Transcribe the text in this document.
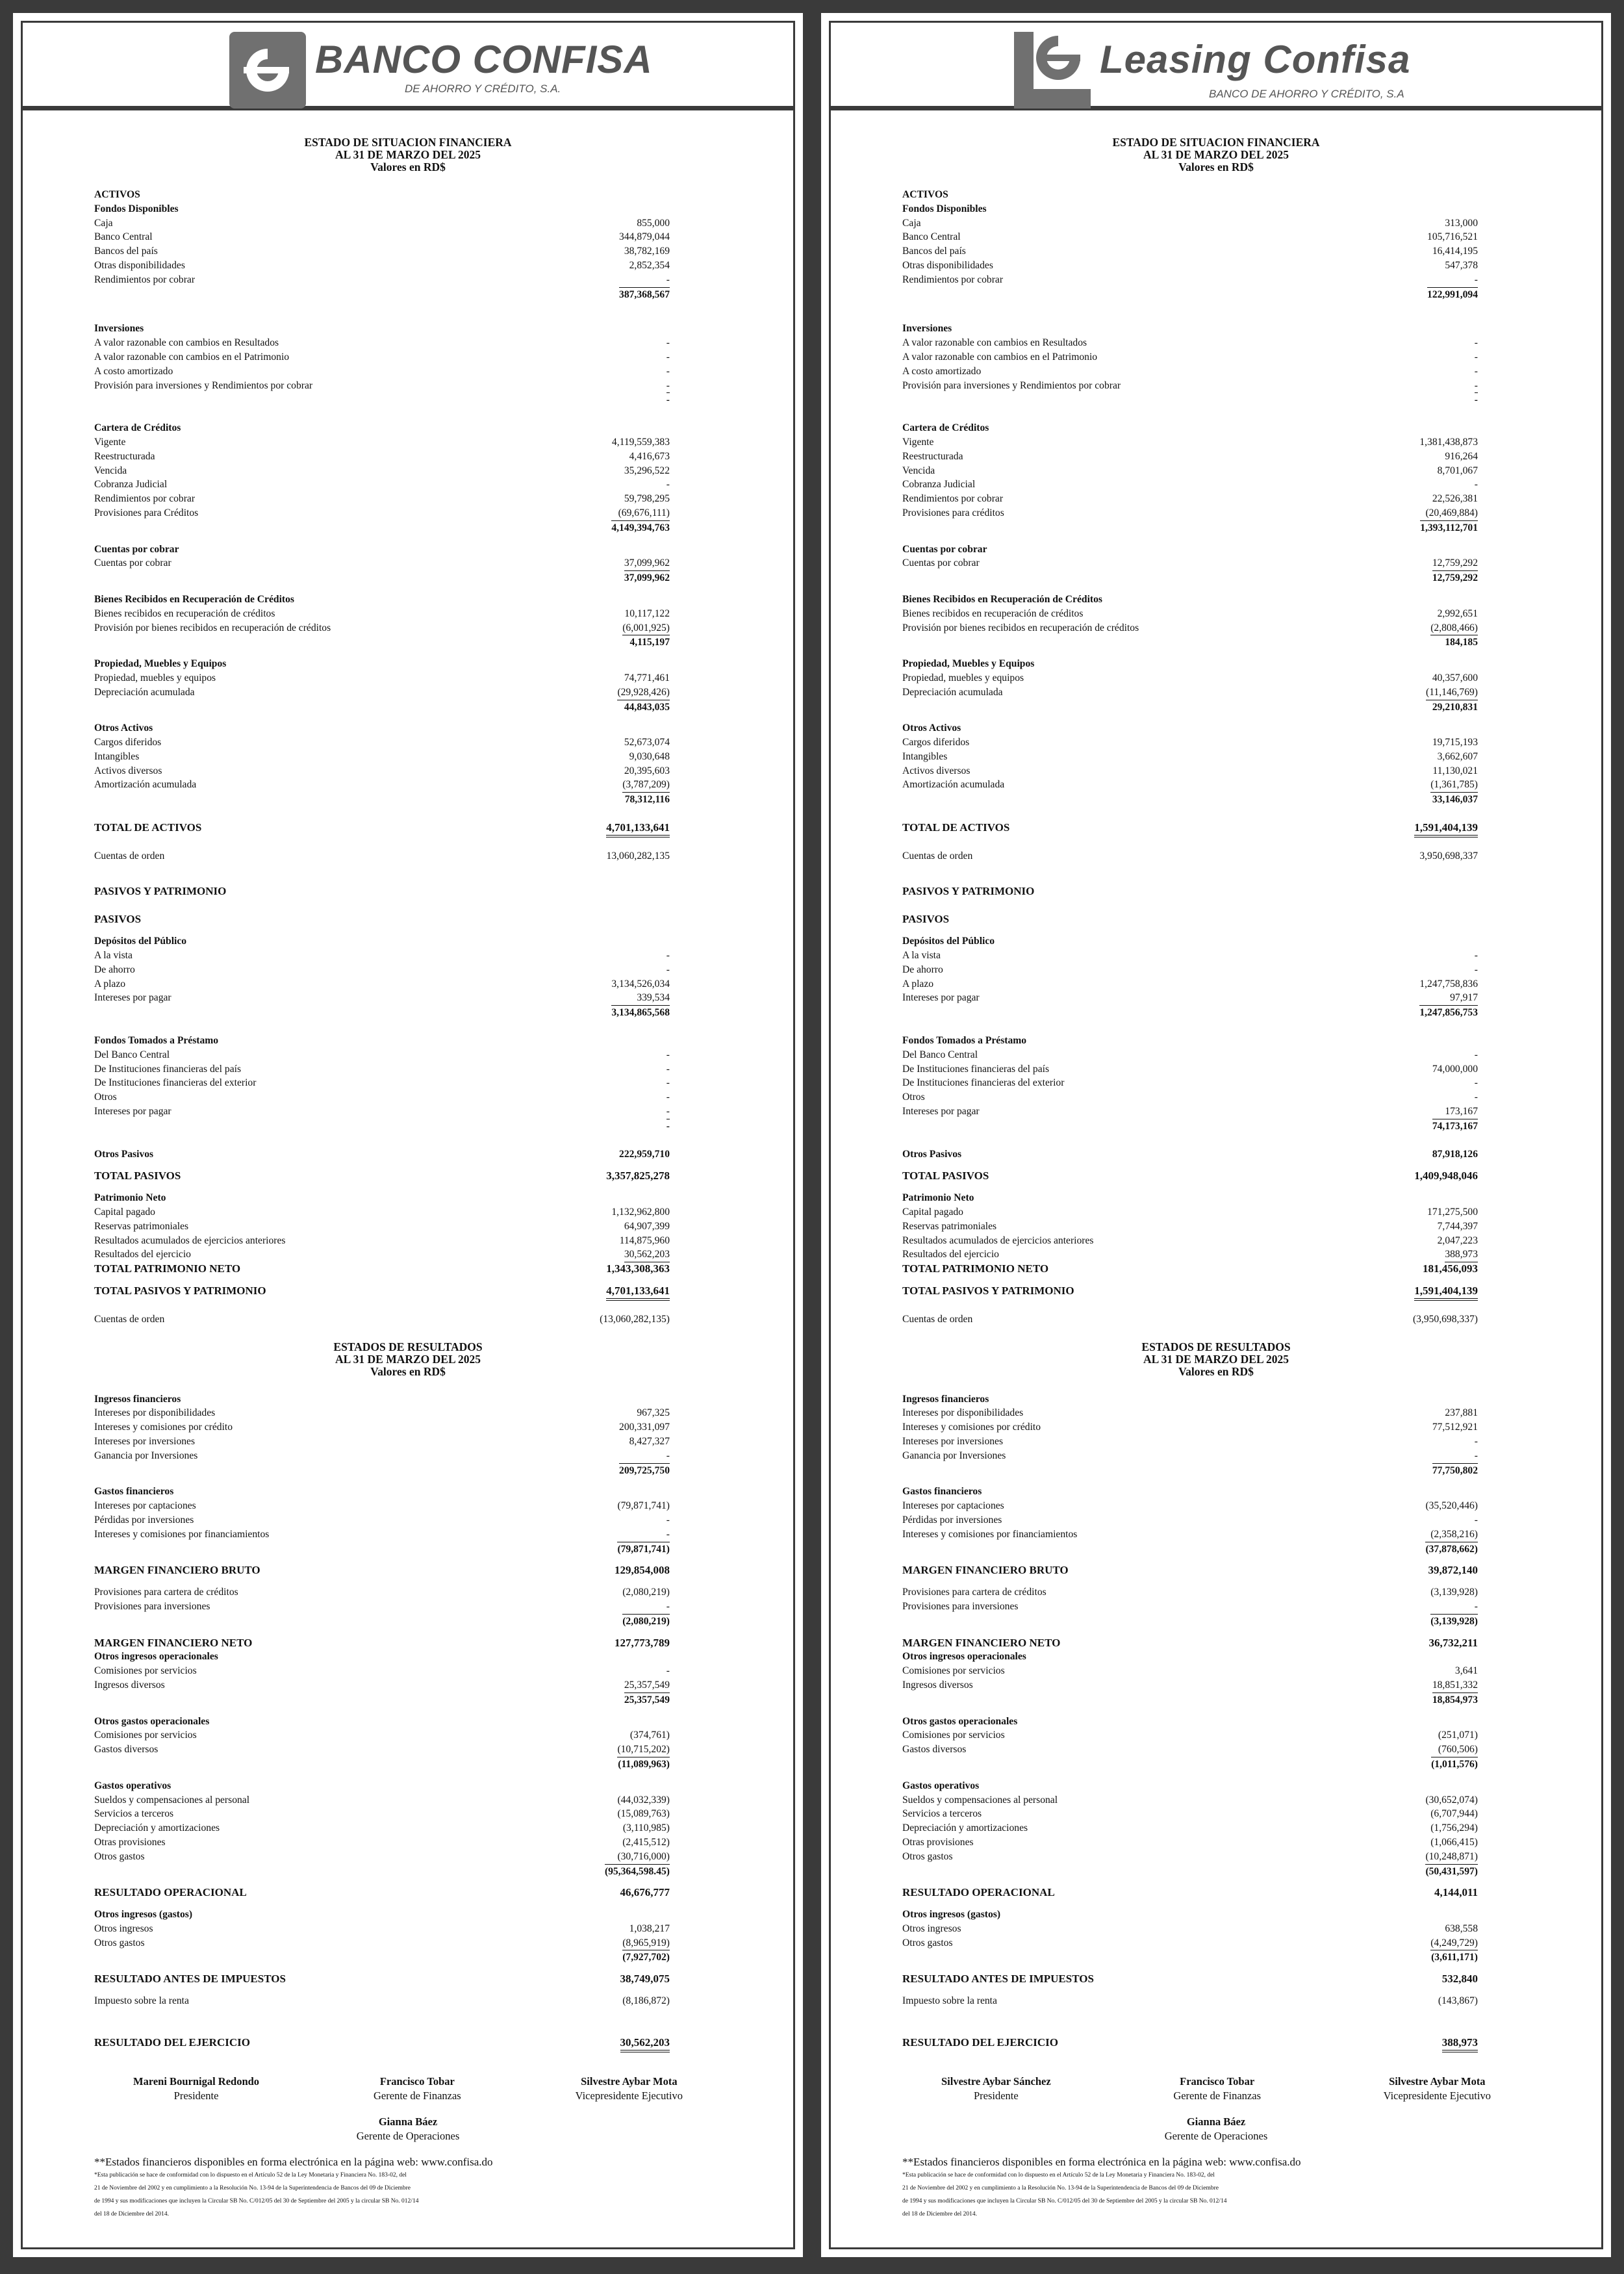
BANCO CONFISA
DE AHORRO Y CRÉDITO, S.A.
ESTADO DE SITUACION FINANCIERA
AL 31 DE MARZO DEL 2025
Valores en RD$
ACTIVOS
Fondos Disponibles
Caja	855,000
Banco Central	344,879,044
Bancos del país	38,782,169
Otras disponibilidades	2,852,354
Rendimientos por cobrar	-
387,368,567
Inversiones
A valor razonable con cambios en Resultados	-
A valor razonable con cambios en el Patrimonio	-
A costo amortizado	-
Provisión para inversiones y Rendimientos por cobrar	-
-
Cartera de Créditos
Vigente	4,119,559,383
Reestructurada	4,416,673
Vencida	35,296,522
Cobranza Judicial	-
Rendimientos por cobrar	59,798,295
Provisiones para Créditos	(69,676,111)
4,149,394,763
Cuentas por cobrar
Cuentas por cobrar	37,099,962
37,099,962
Bienes Recibidos en Recuperación de Créditos
Bienes recibidos en recuperación de créditos	10,117,122
Provisión por bienes recibidos en recuperación de créditos	(6,001,925)
4,115,197
Propiedad, Muebles y Equipos
Propiedad, muebles y equipos	74,771,461
Depreciación acumulada	(29,928,426)
44,843,035
Otros Activos
Cargos diferidos	52,673,074
Intangibles	9,030,648
Activos diversos	20,395,603
Amortización acumulada	(3,787,209)
78,312,116
TOTAL DE ACTIVOS	4,701,133,641
Cuentas de orden	13,060,282,135
PASIVOS Y PATRIMONIO
PASIVOS
Depósitos del Público
A la vista	-
De ahorro	-
A plazo	3,134,526,034
Intereses por pagar	339,534
3,134,865,568
Fondos Tomados a Préstamo
Del Banco Central	-
De Instituciones financieras del país	-
De Instituciones financieras del exterior	-
Otros	-
Intereses por pagar	-
-
Otros Pasivos	222,959,710
TOTAL PASIVOS	3,357,825,278
Patrimonio Neto
Capital pagado	1,132,962,800
Reservas patrimoniales	64,907,399
Resultados acumulados de ejercicios anteriores	114,875,960
Resultados del ejercicio	30,562,203
TOTAL PATRIMONIO NETO	1,343,308,363
TOTAL PASIVOS Y PATRIMONIO	4,701,133,641
Cuentas de orden	(13,060,282,135)
ESTADOS DE RESULTADOS
AL 31 DE MARZO DEL 2025
Valores en RD$
Ingresos financieros
Intereses por disponibilidades	967,325
Intereses y comisiones por crédito	200,331,097
Intereses por inversiones	8,427,327
Ganancia por Inversiones	-
209,725,750
Gastos financieros
Intereses por captaciones	(79,871,741)
Pérdidas por inversiones	-
Intereses y comisiones por financiamientos	-
(79,871,741)
MARGEN FINANCIERO BRUTO	129,854,008
Provisiones para cartera de créditos	(2,080,219)
Provisiones para inversiones	-
(2,080,219)
MARGEN FINANCIERO NETO	127,773,789
Otros ingresos operacionales
Comisiones por servicios	-
Ingresos diversos	25,357,549
25,357,549
Otros gastos operacionales
Comisiones por servicios	(374,761)
Gastos diversos	(10,715,202)
(11,089,963)
Gastos operativos
Sueldos y compensaciones al personal	(44,032,339)
Servicios a terceros	(15,089,763)
Depreciación y amortizaciones	(3,110,985)
Otras provisiones	(2,415,512)
Otros gastos	(30,716,000)
(95,364,598.45)
RESULTADO OPERACIONAL	46,676,777
Otros ingresos (gastos)
Otros ingresos	1,038,217
Otros gastos	(8,965,919)
(7,927,702)
RESULTADO ANTES DE IMPUESTOS	38,749,075
Impuesto sobre la renta	(8,186,872)
RESULTADO DEL EJERCICIO	30,562,203
Mareni Bournigal Redondo
Presidente
Francisco Tobar
Gerente de Finanzas
Silvestre Aybar Mota
Vicepresidente Ejecutivo
Gianna Báez
Gerente de Operaciones
**Estados financieros disponibles en forma electrónica en la página web: www.confisa.do
*Esta publicación se hace de conformidad con lo dispuesto en el Artículo 52 de la Ley Monetaria y Financiera No. 183-02, del
21 de Noviembre del 2002 y en cumplimiento a la Resolución No. 13-94 de la Superintendencia de Bancos del 09 de Diciembre
de 1994 y sus modificaciones que incluyen la Circular SB No. C/012/05 del 30 de Septiembre del 2005 y la circular SB No. 012/14
del 18 de Diciembre del 2014.
Leasing Confisa
BANCO DE AHORRO Y CRÉDITO, S.A
ESTADO DE SITUACION FINANCIERA
AL 31 DE MARZO DEL 2025
Valores en RD$
ACTIVOS
Fondos Disponibles
Caja	313,000
Banco Central	105,716,521
Bancos del país	16,414,195
Otras disponibilidades	547,378
Rendimientos por cobrar	-
122,991,094
Inversiones
A valor razonable con cambios en Resultados	-
A valor razonable con cambios en el Patrimonio	-
A costo amortizado	-
Provisión para inversiones y Rendimientos por cobrar	-
-
Cartera de Créditos
Vigente	1,381,438,873
Reestructurada	916,264
Vencida	8,701,067
Cobranza Judicial	-
Rendimientos por cobrar	22,526,381
Provisiones para créditos	(20,469,884)
1,393,112,701
Cuentas por cobrar
Cuentas por cobrar	12,759,292
12,759,292
Bienes Recibidos en Recuperación de Créditos
Bienes recibidos en recuperación de créditos	2,992,651
Provisión por bienes recibidos en recuperación de créditos	(2,808,466)
184,185
Propiedad, Muebles y Equipos
Propiedad, muebles y equipos	40,357,600
Depreciación acumulada	(11,146,769)
29,210,831
Otros Activos
Cargos diferidos	19,715,193
Intangibles	3,662,607
Activos diversos	11,130,021
Amortización acumulada	(1,361,785)
33,146,037
TOTAL DE ACTIVOS	1,591,404,139
Cuentas de orden	3,950,698,337
PASIVOS Y PATRIMONIO
PASIVOS
Depósitos del Público
A la vista	-
De ahorro	-
A plazo	1,247,758,836
Intereses por pagar	97,917
1,247,856,753
Fondos Tomados a Préstamo
Del Banco Central	-
De Instituciones financieras del país	74,000,000
De Instituciones financieras del exterior	-
Otros	-
Intereses por pagar	173,167
74,173,167
Otros Pasivos	87,918,126
TOTAL PASIVOS	1,409,948,046
Patrimonio Neto
Capital pagado	171,275,500
Reservas patrimoniales	7,744,397
Resultados acumulados de ejercicios anteriores	2,047,223
Resultados del ejercicio	388,973
TOTAL PATRIMONIO NETO	181,456,093
TOTAL PASIVOS Y PATRIMONIO	1,591,404,139
Cuentas de orden	(3,950,698,337)
ESTADOS DE RESULTADOS
AL 31 DE MARZO DEL 2025
Valores en RD$
Ingresos financieros
Intereses por disponibilidades	237,881
Intereses y comisiones por crédito	77,512,921
Intereses por inversiones	-
Ganancia por Inversiones	-
77,750,802
Gastos financieros
Intereses por captaciones	(35,520,446)
Pérdidas por inversiones	-
Intereses y comisiones por financiamientos	(2,358,216)
(37,878,662)
MARGEN FINANCIERO BRUTO	39,872,140
Provisiones para cartera de créditos	(3,139,928)
Provisiones para inversiones	-
(3,139,928)
MARGEN FINANCIERO NETO	36,732,211
Otros ingresos operacionales
Comisiones por servicios	3,641
Ingresos diversos	18,851,332
18,854,973
Otros gastos operacionales
Comisiones por servicios	(251,071)
Gastos diversos	(760,506)
(1,011,576)
Gastos operativos
Sueldos y compensaciones al personal	(30,652,074)
Servicios a terceros	(6,707,944)
Depreciación y amortizaciones	(1,756,294)
Otras provisiones	(1,066,415)
Otros gastos	(10,248,871)
(50,431,597)
RESULTADO OPERACIONAL	4,144,011
Otros ingresos (gastos)
Otros ingresos	638,558
Otros gastos	(4,249,729)
(3,611,171)
RESULTADO ANTES DE IMPUESTOS	532,840
Impuesto sobre la renta	(143,867)
RESULTADO DEL EJERCICIO	388,973
Silvestre Aybar Sánchez
Presidente
Francisco Tobar
Gerente de Finanzas
Silvestre Aybar Mota
Vicepresidente Ejecutivo
Gianna Báez
Gerente de Operaciones
**Estados financieros disponibles en forma electrónica en la página web: www.confisa.do
*Esta publicación se hace de conformidad con lo dispuesto en el Artículo 52 de la Ley Monetaria y Financiera No. 183-02, del
21 de Noviembre del 2002 y en cumplimiento a la Resolución No. 13-94 de la Superintendencia de Bancos del 09 de Diciembre
de 1994 y sus modificaciones que incluyen la Circular SB No. C/012/05 del 30 de Septiembre del 2005 y la circular SB No. 012/14
del 18 de Diciembre del 2014.
